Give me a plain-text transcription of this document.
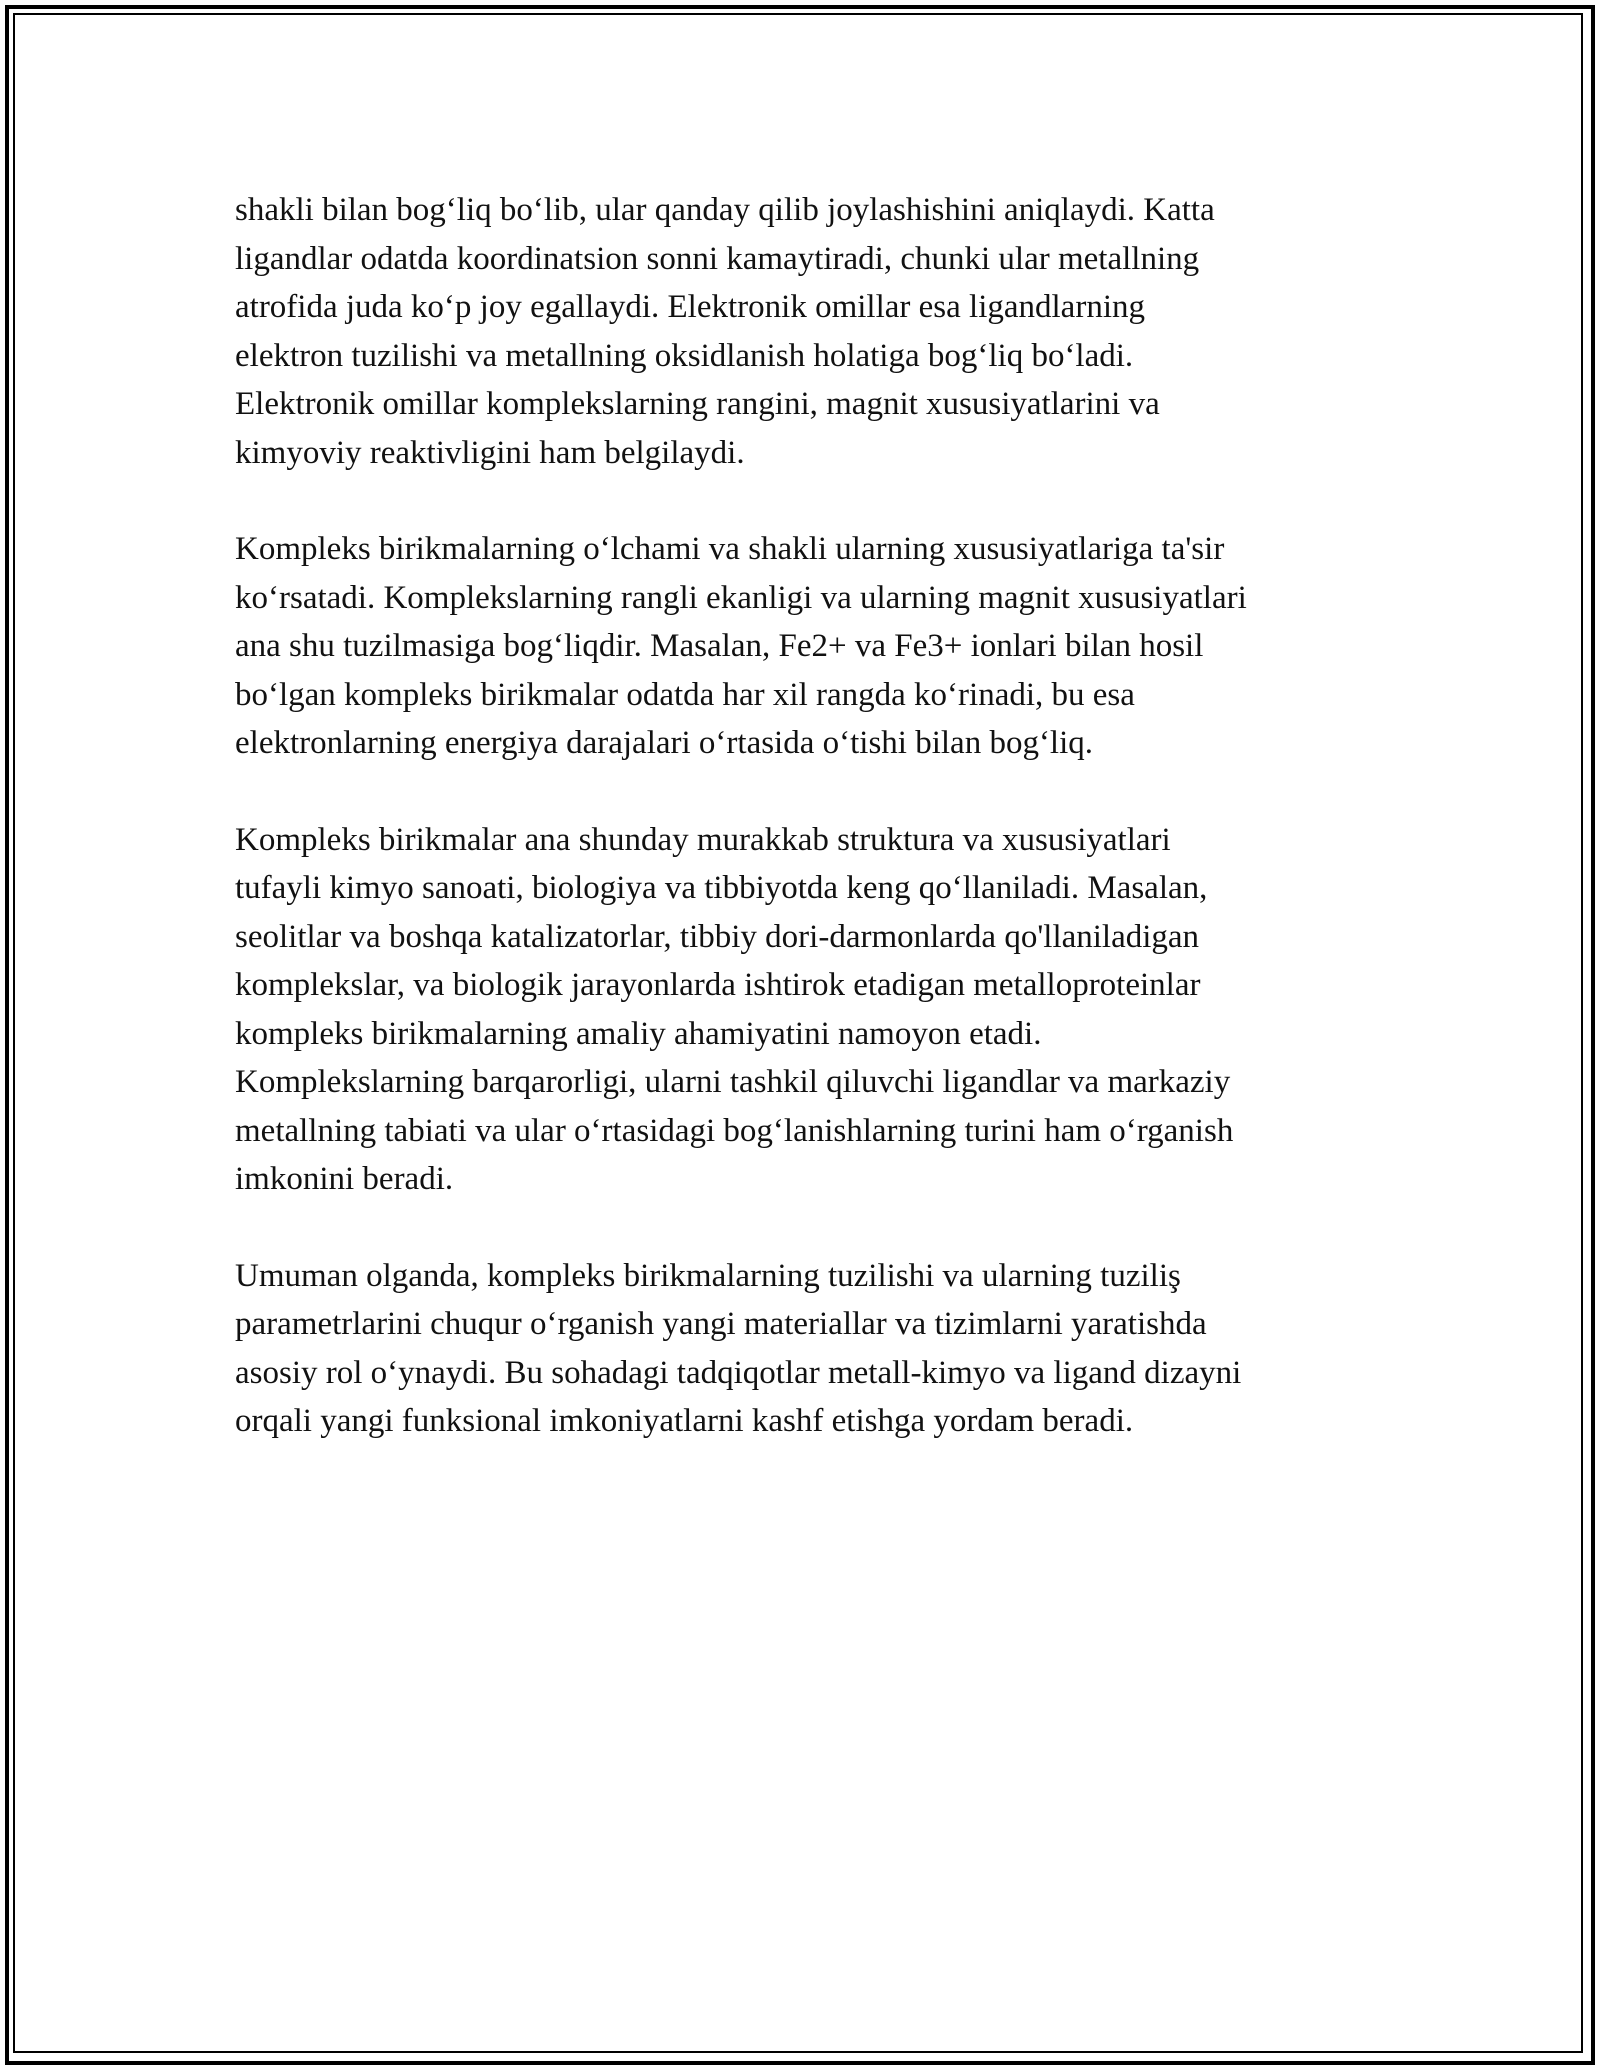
shakli bilan bogʻliq boʻlib, ular qanday qilib joylashishini aniqlaydi. Katta
ligandlar odatda koordinatsion sonni kamaytiradi, chunki ular metallning
atrofida juda koʻp joy egallaydi. Elektronik omillar esa ligandlarning
elektron tuzilishi va metallning oksidlanish holatiga bogʻliq boʻladi.
Elektronik omillar komplekslarning rangini, magnit xususiyatlarini va
kimyoviy reaktivligini ham belgilaydi.

Kompleks birikmalarning oʻlchami va shakli ularning xususiyatlariga ta'sir
koʻrsatadi. Komplekslarning rangli ekanligi va ularning magnit xususiyatlari
ana shu tuzilmasiga bogʻliqdir. Masalan, Fe2+ va Fe3+ ionlari bilan hosil
boʻlgan kompleks birikmalar odatda har xil rangda koʻrinadi, bu esa
elektronlarning energiya darajalari oʻrtasida oʻtishi bilan bogʻliq.

Kompleks birikmalar ana shunday murakkab struktura va xususiyatlari
tufayli kimyo sanoati, biologiya va tibbiyotda keng qoʻllaniladi. Masalan,
seolitlar va boshqa katalizatorlar, tibbiy dori-darmonlarda qo'llaniladigan
komplekslar, va biologik jarayonlarda ishtirok etadigan metalloproteinlar
kompleks birikmalarning amaliy ahamiyatini namoyon etadi.
Komplekslarning barqarorligi, ularni tashkil qiluvchi ligandlar va markaziy
metallning tabiati va ular oʻrtasidagi bogʻlanishlarning turini ham oʻrganish
imkonini beradi.

Umuman olganda, kompleks birikmalarning tuzilishi va ularning tuziliş
parametrlarini chuqur oʻrganish yangi materiallar va tizimlarni yaratishda
asosiy rol oʻynaydi. Bu sohadagi tadqiqotlar metall-kimyo va ligand dizayni
orqali yangi funksional imkoniyatlarni kashf etishga yordam beradi.
